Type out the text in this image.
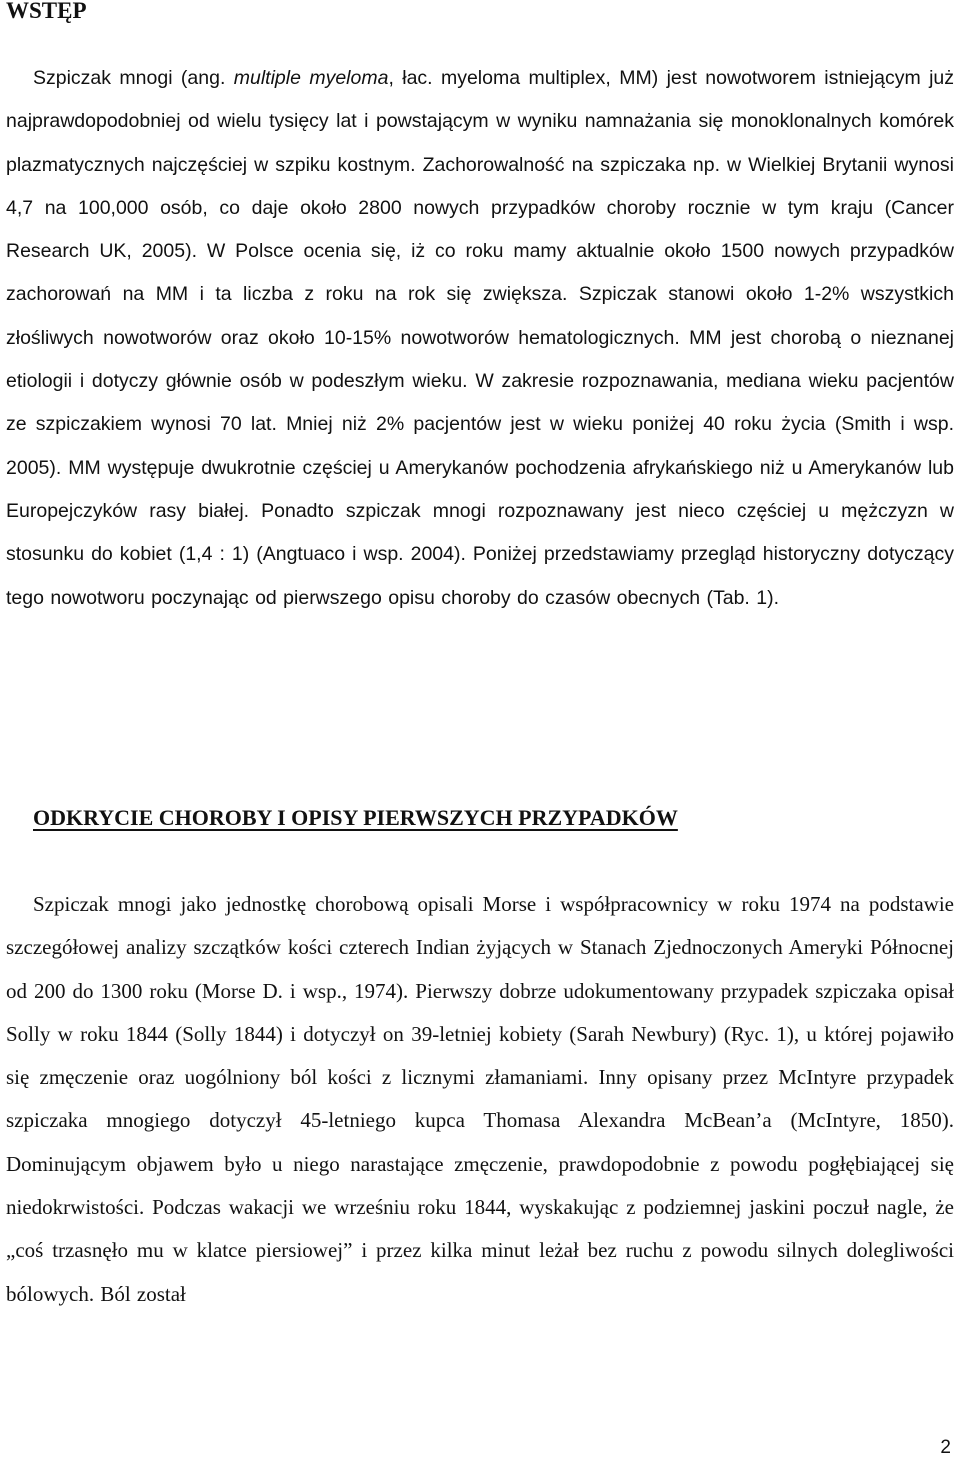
WSTĘP

Szpiczak mnogi (ang. multiple myeloma, łac. myeloma multiplex, MM) jest nowotworem istniejącym już najprawdopodobniej od wielu tysięcy lat i powstającym w wyniku namnażania się monoklonalnych komórek plazmatycznych najczęściej w szpiku kostnym. Zachorowalność na szpiczaka np. w Wielkiej Brytanii wynosi 4,7 na 100,000 osób, co daje około 2800 nowych przypadków choroby rocznie w tym kraju (Cancer Research UK, 2005). W Polsce ocenia się, iż co roku mamy aktualnie około 1500 nowych przypadków zachorowań na MM i ta liczba z roku na rok się zwiększa. Szpiczak stanowi około 1-2% wszystkich złośliwych nowotworów oraz około 10-15% nowotworów hematologicznych. MM jest chorobą o nieznanej etiologii i dotyczy głównie osób w podeszłym wieku. W zakresie rozpoznawania, mediana wieku pacjentów ze szpiczakiem wynosi 70 lat. Mniej niż 2% pacjentów jest w wieku poniżej 40 roku życia (Smith i wsp. 2005). MM występuje dwukrotnie częściej u Amerykanów pochodzenia afrykańskiego niż u Amerykanów lub Europejczyków rasy białej. Ponadto szpiczak mnogi rozpoznawany jest nieco częściej u mężczyzn w stosunku do kobiet (1,4 : 1) (Angtuaco i wsp. 2004). Poniżej przedstawiamy przegląd historyczny dotyczący tego nowotworu poczynając od pierwszego opisu choroby do czasów obecnych (Tab. 1).

ODKRYCIE CHOROBY I OPISY PIERWSZYCH PRZYPADKÓW

Szpiczak mnogi jako jednostkę chorobową opisali Morse i współpracownicy w roku 1974 na podstawie szczegółowej analizy szczątków kości czterech Indian żyjących w Stanach Zjednoczonych Ameryki Północnej od 200 do 1300 roku (Morse D. i wsp., 1974). Pierwszy dobrze udokumentowany przypadek szpiczaka opisał Solly w roku 1844 (Solly 1844) i dotyczył on 39-letniej kobiety (Sarah Newbury) (Ryc. 1), u której pojawiło się zmęczenie oraz uogólniony ból kości z licznymi złamaniami. Inny opisany przez McIntyre przypadek szpiczaka mnogiego dotyczył 45-letniego kupca Thomasa Alexandra McBean’a (McIntyre, 1850). Dominującym objawem było u niego narastające zmęczenie, prawdopodobnie z powodu pogłębiającej się niedokrwistości. Podczas wakacji we wrześniu roku 1844, wyskakując z podziemnej jaskini poczuł nagle, że „coś trzasnęło mu w klatce piersiowej” i przez kilka minut leżał bez ruchu z powodu silnych dolegliwości bólowych. Ból został

2
